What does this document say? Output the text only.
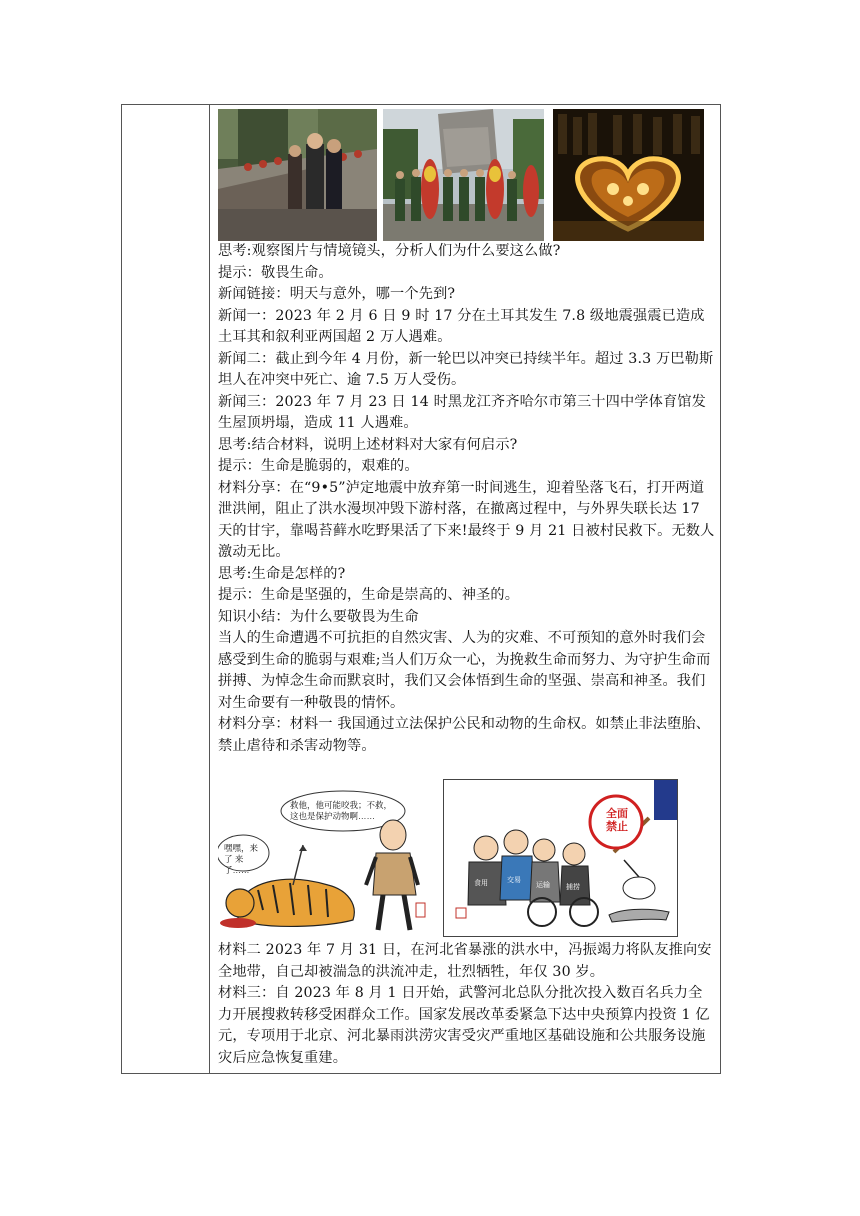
思考:观察图片与情境镜头，分析人们为什么要这么做?

提示：敬畏生命。

新闻链接：明天与意外，哪一个先到?

新闻一：2023 年 2 月 6 日 9 时 17 分在土耳其发生 7.8 级地震强震已造成土耳其和叙利亚两国超 2 万人遇难。

新闻二：截止到今年 4 月份，新一轮巴以冲突已持续半年。超过 3.3 万巴勒斯坦人在冲突中死亡、逾 7.5 万人受伤。

新闻三：2023 年 7 月 23 日 14 时黑龙江齐齐哈尔市第三十四中学体育馆发生屋顶坍塌，造成 11 人遇难。

思考:结合材料，说明上述材料对大家有何启示?

提示：生命是脆弱的，艰难的。

材料分享：在“9•5”泸定地震中放弃第一时间逃生，迎着坠落飞石，打开两道泄洪闸，阻止了洪水漫坝冲毁下游村落，在撤离过程中，与外界失联长达 17 天的甘宇，靠喝苔藓水吃野果活了下来!最终于 9 月 21 日被村民救下。无数人激动无比。

思考:生命是怎样的?

提示：生命是坚强的，生命是崇高的、神圣的。

知识小结：为什么要敬畏为生命

当人的生命遭遇不可抗拒的自然灾害、人为的灾难、不可预知的意外时我们会感受到生命的脆弱与艰难;当人们万众一心，为挽救生命而努力、为守护生命而拼搏、为悼念生命而默哀时，我们又会体悟到生命的坚强、崇高和神圣。我们对生命要有一种敬畏的情怀。

材料分享：材料一 我国通过立法保护公民和动物的生命权。如禁止非法堕胎、禁止虐待和杀害动物等。

救他，他可能咬我；不救，这也是保护动物啊……
嘿嘿，来了 来了……
全面 禁止
食用	交易
运输 捕捞

材料二 2023 年 7 月 31 日，在河北省暴涨的洪水中，冯振竭力将队友推向安全地带，自己却被湍急的洪流冲走，壮烈牺牲，年仅 30 岁。

材料三：自 2023 年 8 月 1 日开始，武警河北总队分批次投入数百名兵力全力开展搜救转移受困群众工作。国家发展改革委紧急下达中央预算内投资 1 亿元，专项用于北京、河北暴雨洪涝灾害受灾严重地区基础设施和公共服务设施灾后应急恢复重建。
